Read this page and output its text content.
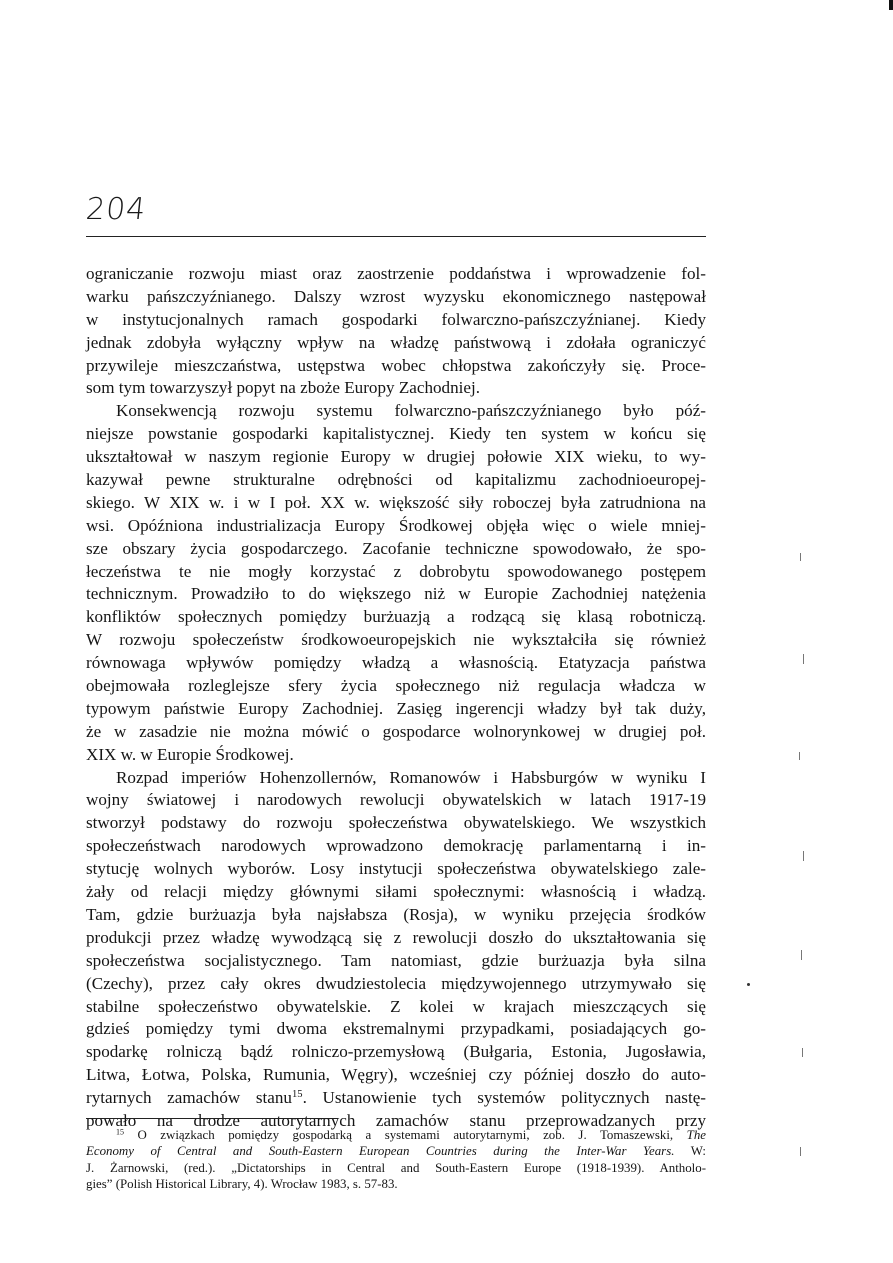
204
ograniczanie rozwoju miast oraz zaostrzenie poddaństwa i wprowadzenie fol-
warku pańszczyźnianego. Dalszy wzrost wyzysku ekonomicznego następował
w instytucjonalnych ramach gospodarki folwarczno-pańszczyźnianej. Kiedy
jednak zdobyła wyłączny wpływ na władzę państwową i zdołała ograniczyć
przywileje mieszczaństwa, ustępstwa wobec chłopstwa zakończyły się. Proce-
som tym towarzyszył popyt na zboże Europy Zachodniej.
Konsekwencją rozwoju systemu folwarczno-pańszczyźnianego było póź-
niejsze powstanie gospodarki kapitalistycznej. Kiedy ten system w końcu się
ukształtował w naszym regionie Europy w drugiej połowie XIX wieku, to wy-
kazywał pewne strukturalne odrębności od kapitalizmu zachodnioeuropej-
skiego. W XIX w. i w I poł. XX w. większość siły roboczej była zatrudniona na
wsi. Opóźniona industrializacja Europy Środkowej objęła więc o wiele mniej-
sze obszary życia gospodarczego. Zacofanie techniczne spowodowało, że spo-
łeczeństwa te nie mogły korzystać z dobrobytu spowodowanego postępem
technicznym. Prowadziło to do większego niż w Europie Zachodniej natężenia
konfliktów społecznych pomiędzy burżuazją a rodzącą się klasą robotniczą.
W rozwoju społeczeństw środkowoeuropejskich nie wykształciła się również
równowaga wpływów pomiędzy władzą a własnością. Etatyzacja państwa
obejmowała rozleglejsze sfery życia społecznego niż regulacja władcza w
typowym państwie Europy Zachodniej. Zasięg ingerencji władzy był tak duży,
że w zasadzie nie można mówić o gospodarce wolnorynkowej w drugiej poł.
XIX w. w Europie Środkowej.
Rozpad imperiów Hohenzollernów, Romanowów i Habsburgów w wyniku I
wojny światowej i narodowych rewolucji obywatelskich w latach 1917-19
stworzył podstawy do rozwoju społeczeństwa obywatelskiego. We wszystkich
społeczeństwach narodowych wprowadzono demokrację parlamentarną i in-
stytucję wolnych wyborów. Losy instytucji społeczeństwa obywatelskiego zale-
żały od relacji między głównymi siłami społecznymi: własnością i władzą.
Tam, gdzie burżuazja była najsłabsza (Rosja), w wyniku przejęcia środków
produkcji przez władzę wywodzącą się z rewolucji doszło do ukształtowania się
społeczeństwa socjalistycznego. Tam natomiast, gdzie burżuazja była silna
(Czechy), przez cały okres dwudziestolecia międzywojennego utrzymywało się
stabilne społeczeństwo obywatelskie. Z kolei w krajach mieszczących się
gdzieś pomiędzy tymi dwoma ekstremalnymi przypadkami, posiadających go-
spodarkę rolniczą bądź rolniczo-przemysłową (Bułgaria, Estonia, Jugosławia,
Litwa, Łotwa, Polska, Rumunia, Węgry), wcześniej czy później doszło do auto-
rytarnych zamachów stanu$^{15}$. Ustanowienie tych systemów politycznych nastę-
powało na drodze autorytarnych zamachów stanu przeprowadzanych przy
$^{15}$ O związkach pomiędzy gospodarką a systemami autorytarnymi, zob. J. Tomaszewski, The
Economy of Central and South-Eastern European Countries during the Inter-War Years. W:
J. Żarnowski, (red.). „Dictatorships in Central and South-Eastern Europe (1918-1939). Antholo-
gies” (Polish Historical Library, 4). Wrocław 1983, s. 57-83.
